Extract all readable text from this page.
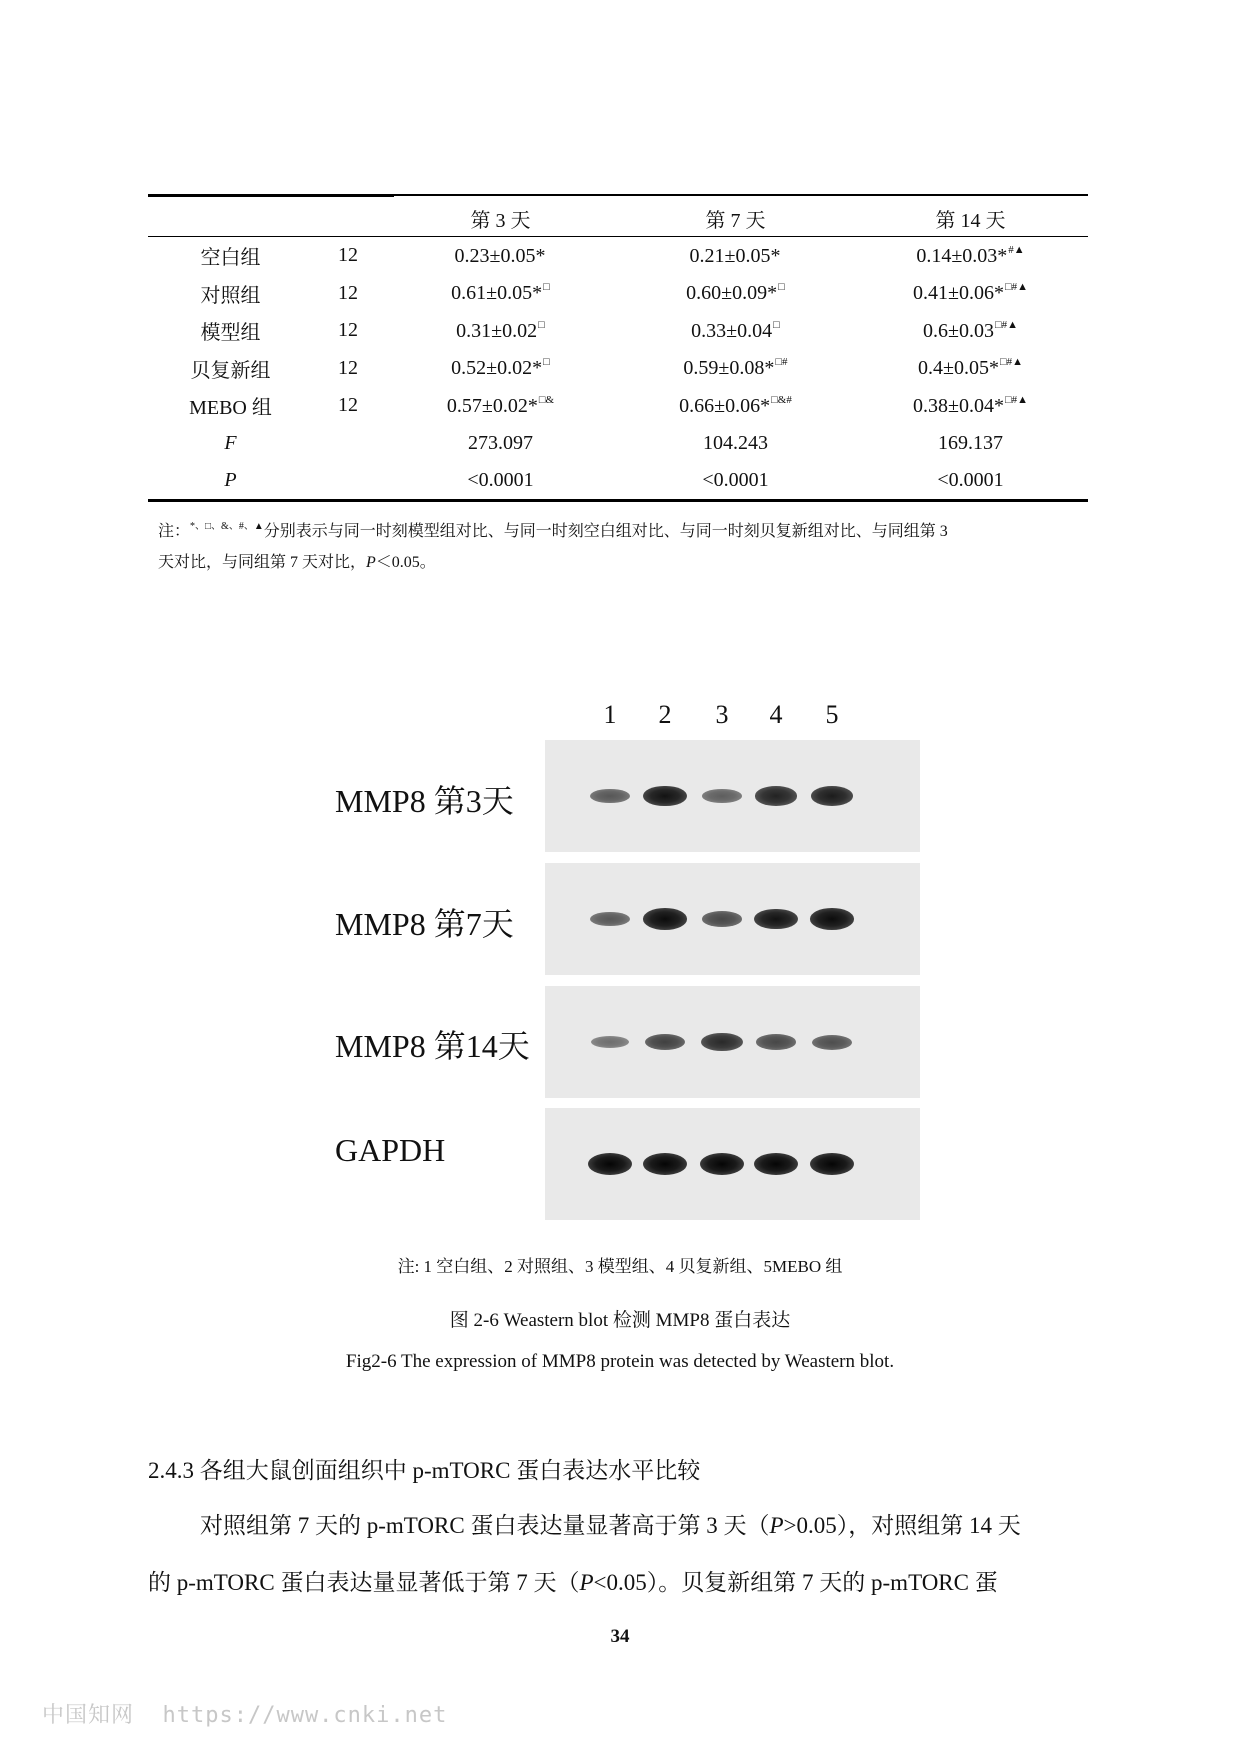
		第 3 天	第 7 天	第 14 天
空白组	12	0.23±0.05*	0.21±0.05*	0.14±0.03*#▲
对照组	12	0.61±0.05*□	0.60±0.09*□	0.41±0.06*□#▲
模型组	12	0.31±0.02□	0.33±0.04□	0.6±0.03□#▲
贝复新组	12	0.52±0.02*□	0.59±0.08*□#	0.4±0.05*□#▲
MEBO 组	12	0.57±0.02*□&	0.66±0.06*□&#	0.38±0.04*□#▲
F		273.097	104.243	169.137
P		<0.0001	<0.0001	<0.0001
注：*、□、&、#、▲分别表示与同一时刻模型组对比、与同一时刻空白组对比、与同一时刻贝复新组对比、与同组第 3
天对比，与同组第 7 天对比，P＜0.05。
1	2	3	4	5
MMP8 第3天
MMP8 第7天
MMP8 第14天
GAPDH
注: 1 空白组、2 对照组、3 模型组、4 贝复新组、5MEBO 组
图 2-6 Weastern blot 检测 MMP8 蛋白表达
Fig2-6 The expression of MMP8 protein was detected by Weastern blot.
2.4.3 各组大鼠创面组织中 p-mTORC 蛋白表达水平比较
对照组第 7 天的 p-mTORC 蛋白表达量显著高于第 3 天（P>0.05），对照组第 14 天
的 p-mTORC 蛋白表达量显著低于第 7 天（P<0.05）。贝复新组第 7 天的 p-mTORC 蛋
34
中国知网  https://www.cnki.net
